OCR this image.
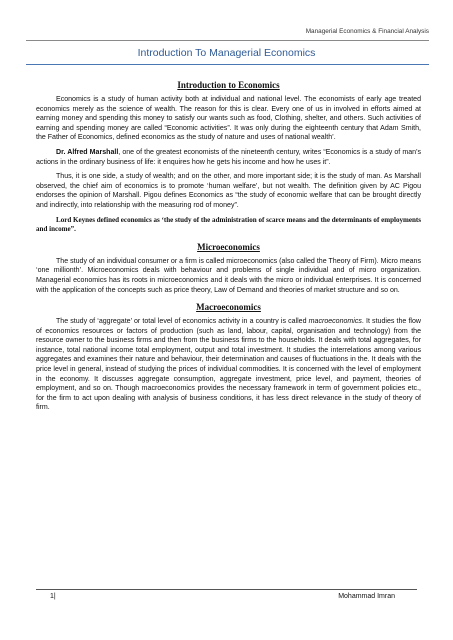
Managerial Economics & Financial Analysis
Introduction To Managerial Economics
Introduction to Economics

Economics is a study of human activity both at individual and national level. The economists of early age treated economics merely as the science of wealth. The reason for this is clear. Every one of us in involved in efforts aimed at earning money and spending this money to satisfy our wants such as food, Clothing, shelter, and others. Such activities of earning and spending money are called “Economic activities”. It was only during the eighteenth century that Adam Smith, the Father of Economics, defined economics as the study of nature and uses of national wealth’.

Dr. Alfred Marshall, one of the greatest economists of the nineteenth century, writes “Economics is a study of man’s actions in the ordinary business of life: it enquires how he gets his income and how he uses it”.

Thus, it is one side, a study of wealth; and on the other, and more important side; it is the study of man. As Marshall observed, the chief aim of economics is to promote ‘human welfare’, but not wealth. The definition given by AC Pigou endorses the opinion of Marshall. Pigou defines Economics as “the study of economic welfare that can be brought directly and indirectly, into relationship with the measuring rod of money”.

Lord Keynes defined economics as ‘the study of the administration of scarce means and the determinants of employments and income”.

Microeconomics

The study of an individual consumer or a firm is called microeconomics (also called the Theory of Firm). Micro means ‘one millionth’. Microeconomics deals with behaviour and problems of single individual and of micro organization. Managerial economics has its roots in microeconomics and it deals with the micro or individual enterprises. It is concerned with the application of the concepts such as price theory, Law of Demand and theories of market structure and so on.

Macroeconomics

The study of ‘aggregate’ or total level of economics activity in a country is called macroeconomics. It studies the flow of economics resources or factors of production (such as land, labour, capital, organisation and technology) from the resource owner to the business firms and then from the business firms to the households. It deals with total aggregates, for instance, total national income total employment, output and total investment. It studies the interrelations among various aggregates and examines their nature and behaviour, their determination and causes of fluctuations in the. It deals with the price level in general, instead of studying the prices of individual commodities. It is concerned with the level of employment in the economy. It discusses aggregate consumption, aggregate investment, price level, and payment, theories of employment, and so on. Though macroeconomics provides the necessary framework in term of government policies etc., for the firm to act upon dealing with analysis of business conditions, it has less direct relevance in the study of theory of firm.

1|	Mohammad Imran
